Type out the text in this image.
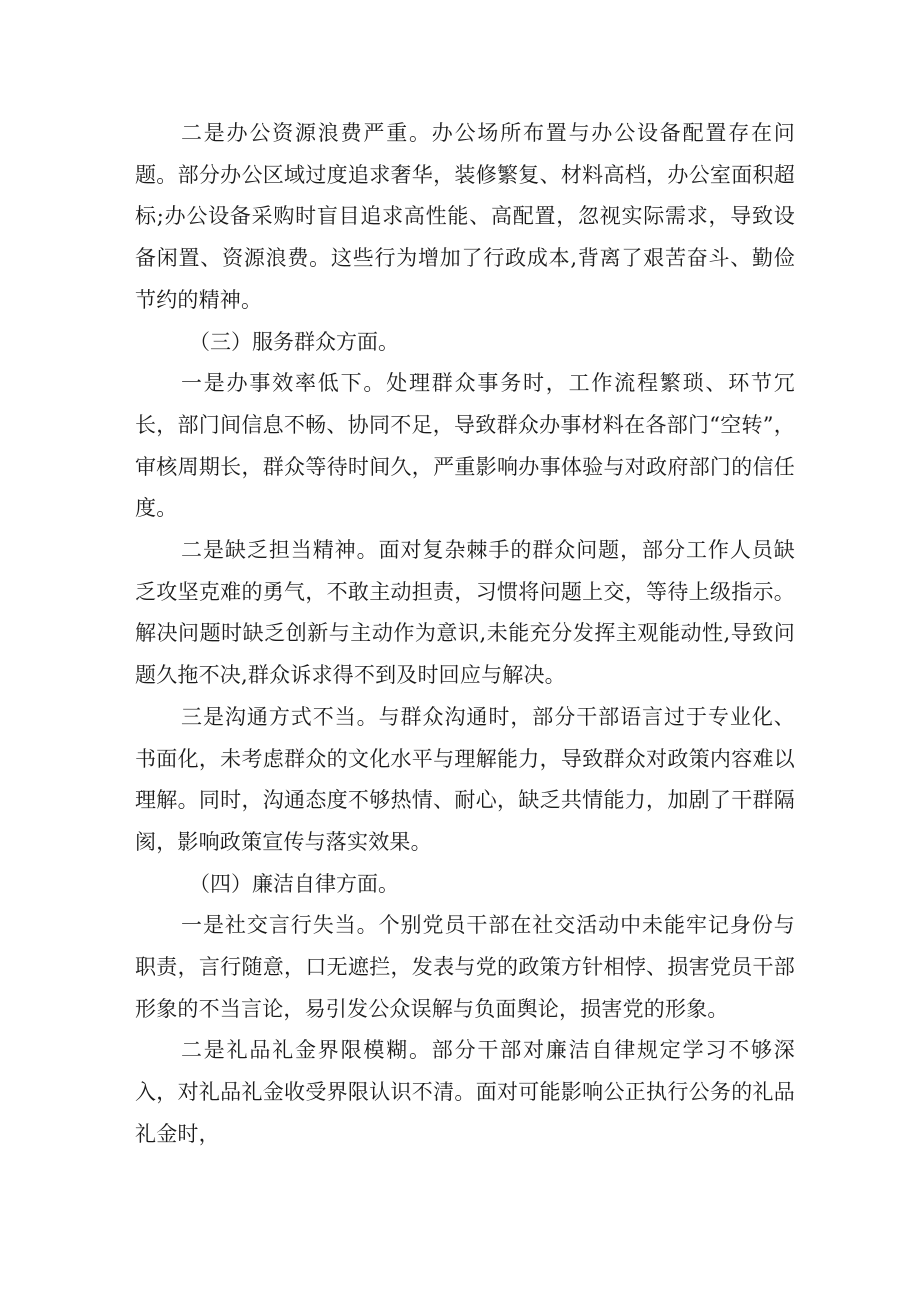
二是办公资源浪费严重。办公场所布置与办公设备配置存在问题。部分办公区域过度追求奢华，装修繁复、材料高档，办公室面积超标;办公设备采购时盲目追求高性能、高配置，忽视实际需求，导致设备闲置、资源浪费。这些行为增加了行政成本,背离了艰苦奋斗、勤俭节约的精神。

（三）服务群众方面。

一是办事效率低下。处理群众事务时，工作流程繁琐、环节冗长，部门间信息不畅、协同不足，导致群众办事材料在各部门“空转”，审核周期长，群众等待时间久，严重影响办事体验与对政府部门的信任度。

二是缺乏担当精神。面对复杂棘手的群众问题，部分工作人员缺乏攻坚克难的勇气，不敢主动担责，习惯将问题上交，等待上级指示。解决问题时缺乏创新与主动作为意识,未能充分发挥主观能动性,导致问题久拖不决,群众诉求得不到及时回应与解决。

三是沟通方式不当。与群众沟通时，部分干部语言过于专业化、书面化，未考虑群众的文化水平与理解能力，导致群众对政策内容难以理解。同时，沟通态度不够热情、耐心，缺乏共情能力，加剧了干群隔阂，影响政策宣传与落实效果。

（四）廉洁自律方面。

一是社交言行失当。个别党员干部在社交活动中未能牢记身份与职责，言行随意，口无遮拦，发表与党的政策方针相悖、损害党员干部形象的不当言论，易引发公众误解与负面舆论，损害党的形象。

二是礼品礼金界限模糊。部分干部对廉洁自律规定学习不够深入，对礼品礼金收受界限认识不清。面对可能影响公正执行公务的礼品礼金时，
